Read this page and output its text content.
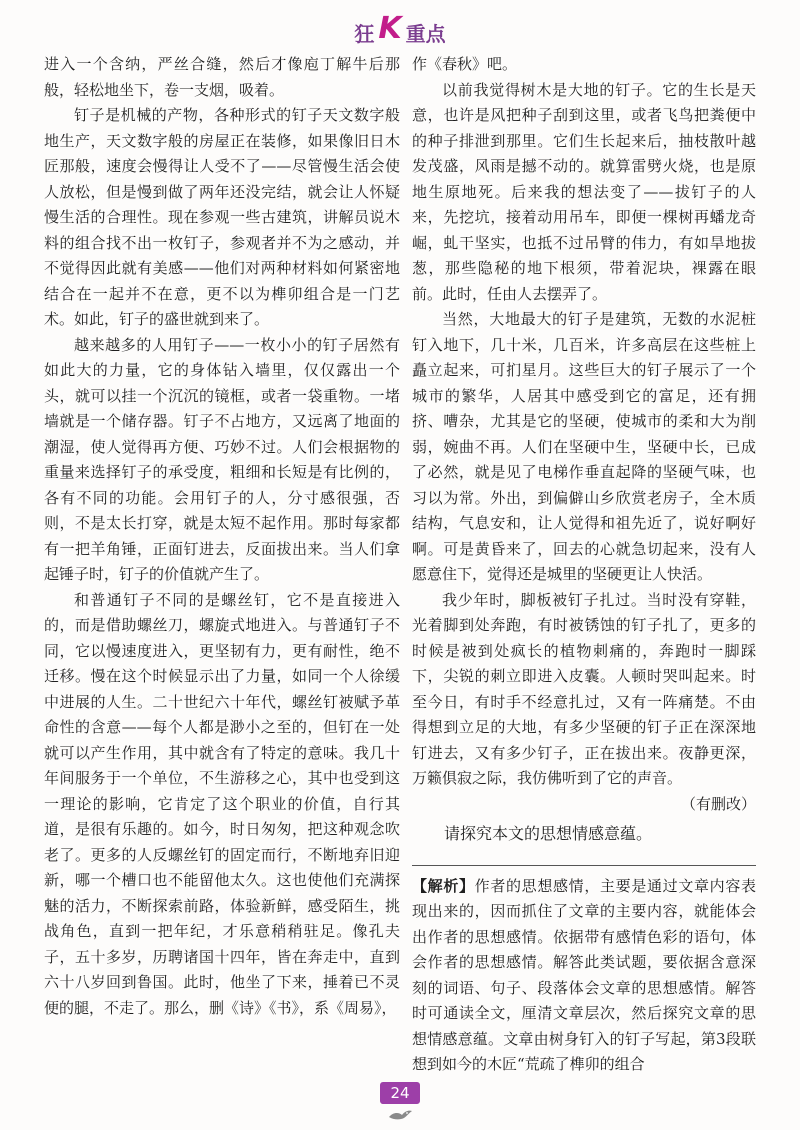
狂 K 重点

进入一个含纳，严丝合缝，然后才像庖丁解牛后那般，轻松地坐下，卷一支烟，吸着。

钉子是机械的产物，各种形式的钉子天文数字般地生产，天文数字般的房屋正在装修，如果像旧日木匠那般，速度会慢得让人受不了——尽管慢生活会使人放松，但是慢到做了两年还没完结，就会让人怀疑慢生活的合理性。现在参观一些古建筑，讲解员说木料的组合找不出一枚钉子，参观者并不为之感动，并不觉得因此就有美感——他们对两种材料如何紧密地结合在一起并不在意，更不以为榫卯组合是一门艺术。如此，钉子的盛世就到来了。

越来越多的人用钉子——一枚小小的钉子居然有如此大的力量，它的身体钻入墙里，仅仅露出一个头，就可以挂一个沉沉的镜框，或者一袋重物。一堵墙就是一个储存器。钉子不占地方，又远离了地面的潮湿，使人觉得再方便、巧妙不过。人们会根据物的重量来选择钉子的承受度，粗细和长短是有比例的，各有不同的功能。会用钉子的人，分寸感很强，否则，不是太长打穿，就是太短不起作用。那时每家都有一把羊角锤，正面钉进去，反面拔出来。当人们拿起锤子时，钉子的价值就产生了。

和普通钉子不同的是螺丝钉，它不是直接进入的，而是借助螺丝刀，螺旋式地进入。与普通钉子不同，它以慢速度进入，更坚韧有力，更有耐性，绝不迁移。慢在这个时候显示出了力量，如同一个人徐缓中进展的人生。二十世纪六十年代，螺丝钉被赋予革命性的含意——每个人都是渺小之至的，但钉在一处就可以产生作用，其中就含有了特定的意味。我几十年间服务于一个单位，不生游移之心，其中也受到这一理论的影响，它肯定了这个职业的价值，自行其道，是很有乐趣的。如今，时日匆匆，把这种观念吹老了。更多的人反螺丝钉的固定而行，不断地弃旧迎新，哪一个槽口也不能留他太久。这也使他们充满探魅的活力，不断探索前路，体验新鲜，感受陌生，挑战角色，直到一把年纪，才乐意稍稍驻足。像孔夫子，五十多岁，历聘诸国十四年，皆在奔走中，直到六十八岁回到鲁国。此时，他坐了下来，捶着已不灵便的腿，不走了。那么，删《诗》《书》，系《周易》，

作《春秋》吧。

以前我觉得树木是大地的钉子。它的生长是天意，也许是风把种子刮到这里，或者飞鸟把粪便中的种子排泄到那里。它们生长起来后，抽枝散叶越发茂盛，风雨是撼不动的。就算雷劈火烧，也是原地生原地死。后来我的想法变了——拔钉子的人来，先挖坑，接着动用吊车，即便一棵树再蟠龙奇崛，虬干坚实，也抵不过吊臂的伟力，有如旱地拔葱，那些隐秘的地下根须，带着泥块，裸露在眼前。此时，任由人去摆弄了。

当然，大地最大的钉子是建筑，无数的水泥桩钉入地下，几十米，几百米，许多高层在这些桩上矗立起来，可扪星月。这些巨大的钉子展示了一个城市的繁华，人居其中感受到它的富足，还有拥挤、嘈杂，尤其是它的坚硬，使城市的柔和大为削弱，婉曲不再。人们在坚硬中生，坚硬中长，已成了必然，就是见了电梯作垂直起降的坚硬气味，也习以为常。外出，到偏僻山乡欣赏老房子，全木质结构，气息安和，让人觉得和祖先近了，说好啊好啊。可是黄昏来了，回去的心就急切起来，没有人愿意住下，觉得还是城里的坚硬更让人快活。

我少年时，脚板被钉子扎过。当时没有穿鞋，光着脚到处奔跑，有时被锈蚀的钉子扎了，更多的时候是被到处疯长的植物刺痛的，奔跑时一脚踩下，尖锐的刺立即进入皮囊。人顿时哭叫起来。时至今日，有时手不经意扎过，又有一阵痛楚。不由得想到立足的大地，有多少坚硬的钉子正在深深地钉进去，又有多少钉子，正在拔出来。夜静更深，万籁俱寂之际，我仿佛听到了它的声音。

（有删改）

请探究本文的思想情感意蕴。

【解析】作者的思想感情，主要是通过文章内容表现出来的，因而抓住了文章的主要内容，就能体会出作者的思想感情。依据带有感情色彩的语句，体会作者的思想感情。解答此类试题，要依据含意深刻的词语、句子、段落体会文章的思想感情。解答时可通读全文，厘清文章层次，然后探究文章的思想情感意蕴。文章由树身钉入的钉子写起，第3段联想到如今的木匠“荒疏了榫卯的组合

24
